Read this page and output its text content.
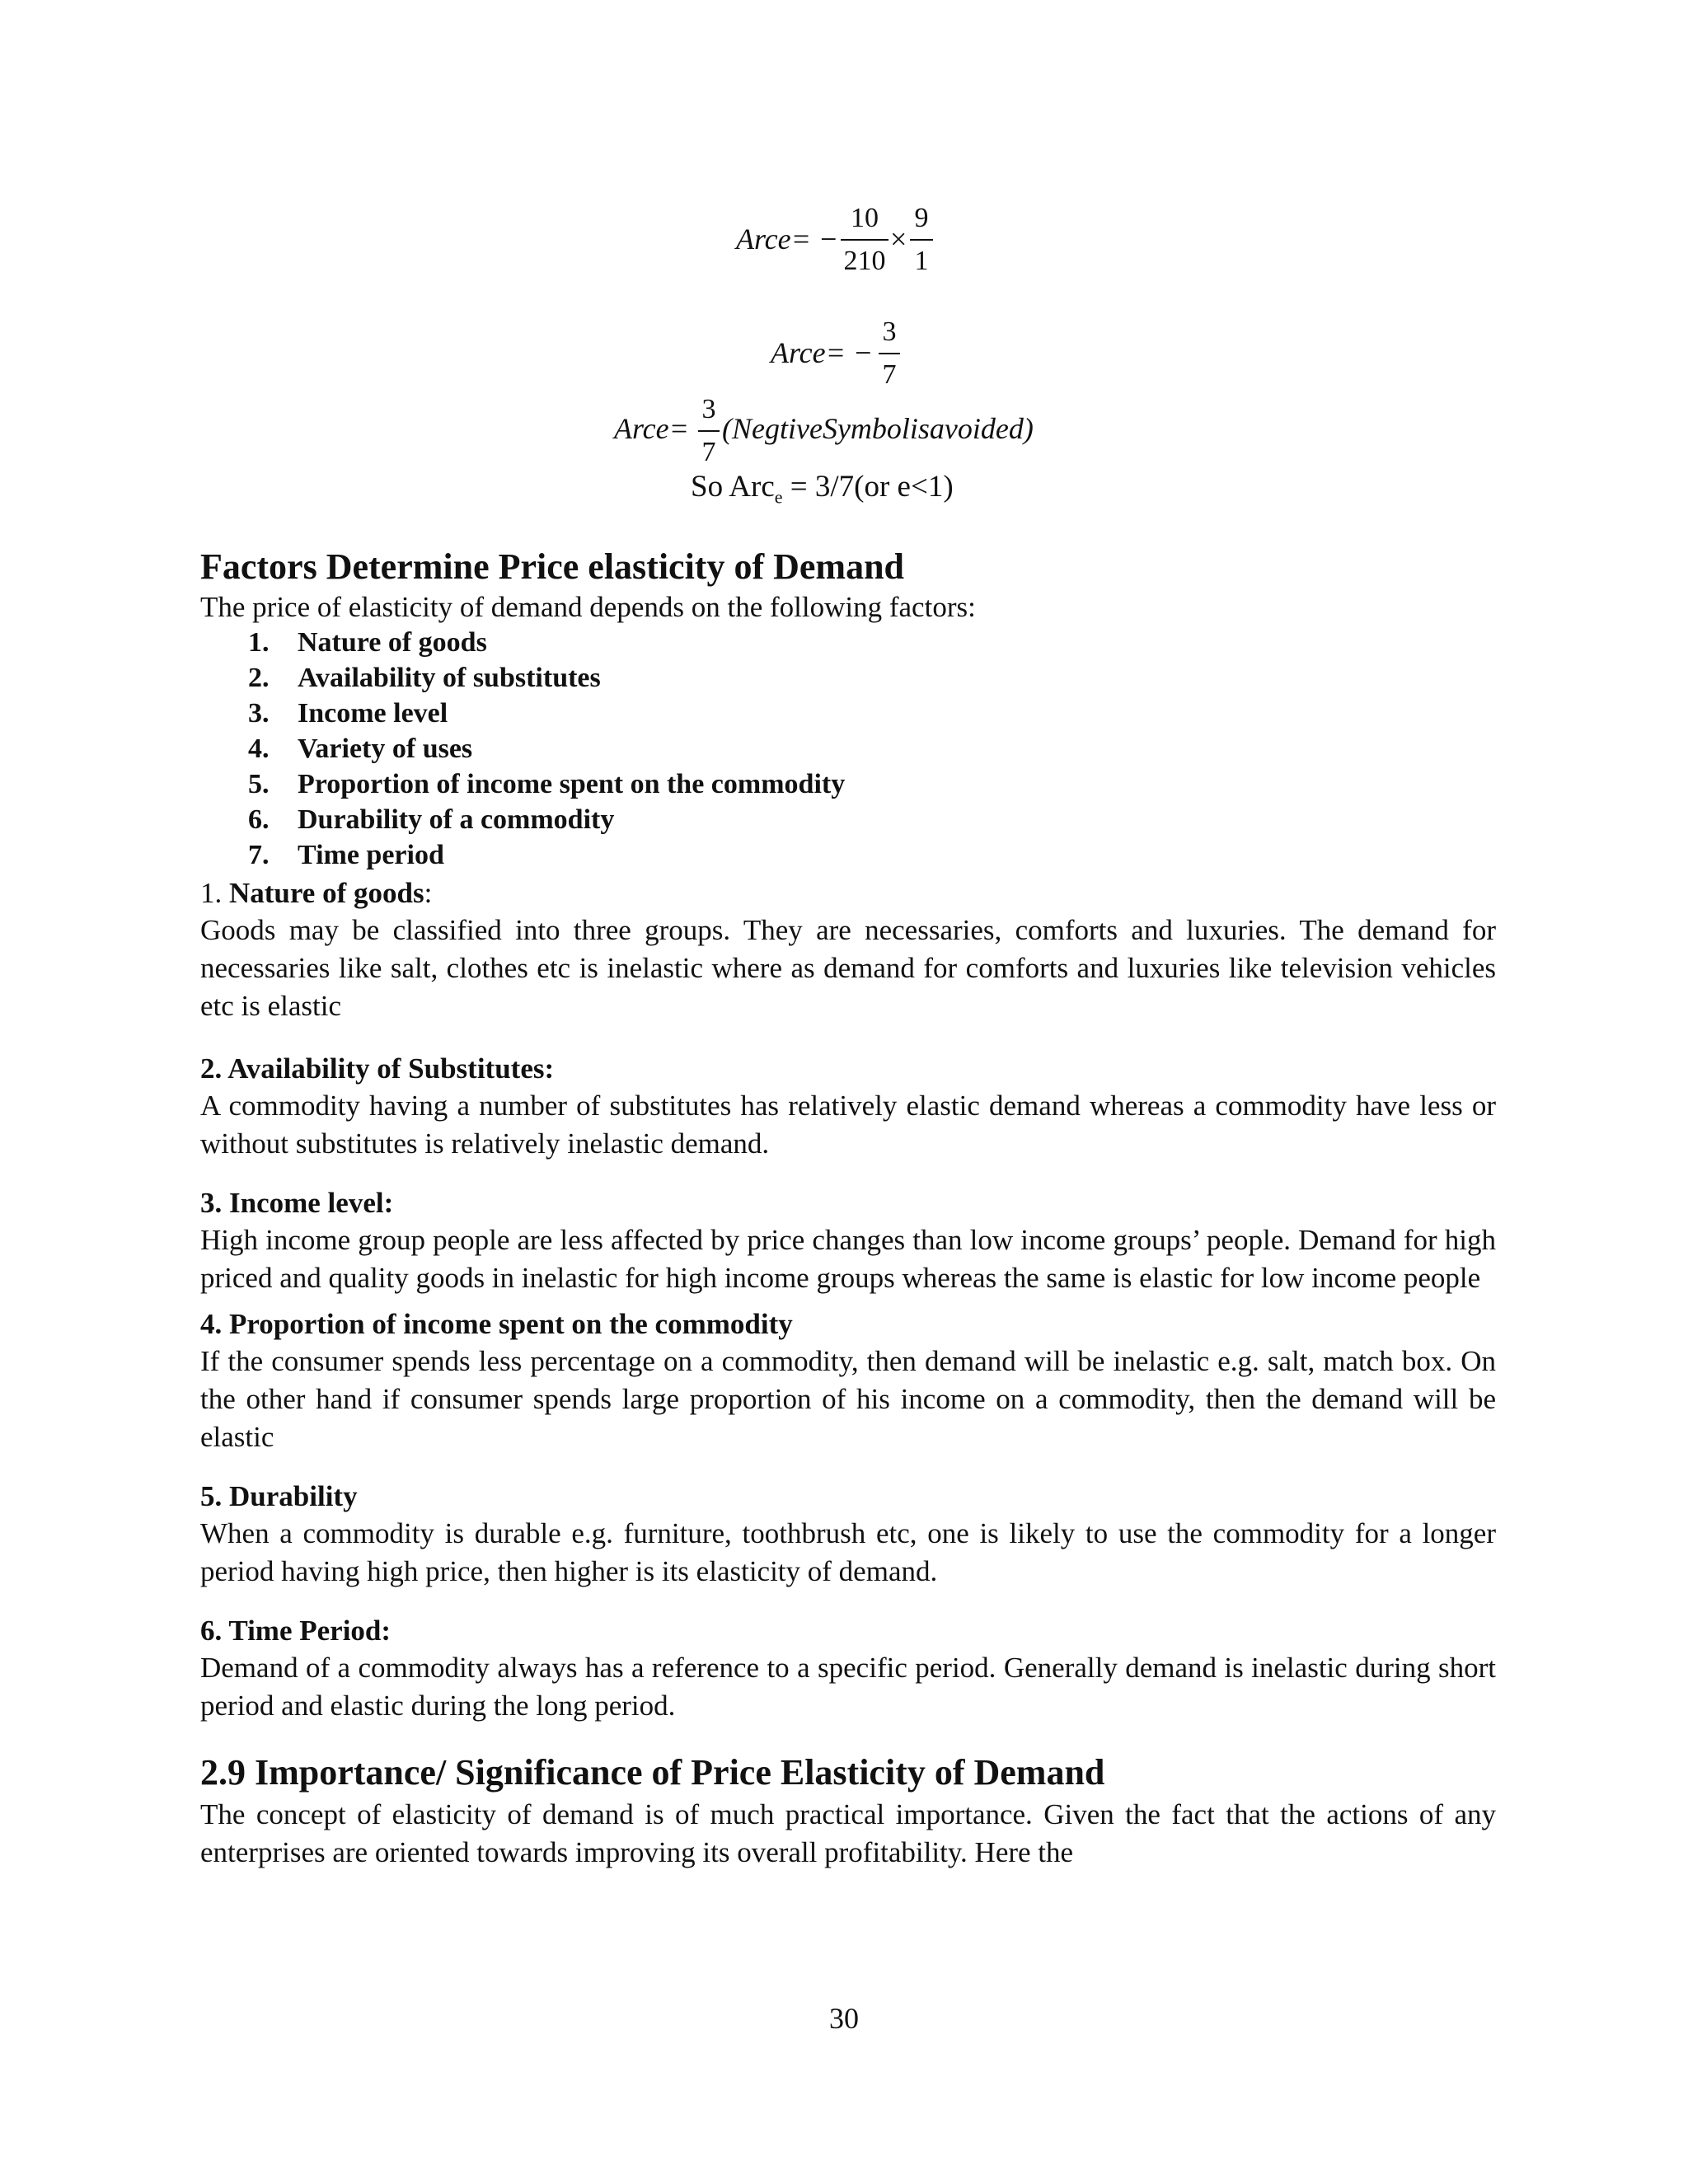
Arce= −
10
210
×
9
1
Arce= −
3
7
Arce=
3
7
(NegtiveSymbolisavoided)
So Arc$_e$ = 3/7(or e<1)
Factors Determine Price elasticity of Demand

The price of elasticity of demand depends on the following factors:

1. Nature of goods
2. Availability of substitutes
3. Income level
4. Variety of uses
5. Proportion of income spent on the commodity
6. Durability of a commodity
7. Time period

1. Nature of goods:

Goods may be classified into three groups. They are necessaries, comforts and luxuries. The demand for necessaries like salt, clothes etc is inelastic where as demand for comforts and luxuries like television vehicles etc is elastic

2. Availability of Substitutes:

A commodity having a number of substitutes has relatively elastic demand whereas a commodity have less or without substitutes is relatively inelastic demand.

3. Income level:

High income group people are less affected by price changes than low income groups’ people. Demand for high priced and quality goods in inelastic for high income groups whereas the same is elastic for low income people

4. Proportion of income spent on the commodity

If the consumer spends less percentage on a commodity, then demand will be inelastic e.g. salt, match box. On the other hand if consumer spends large proportion of his income on a commodity, then the demand will be elastic

5. Durability

When a commodity is durable e.g. furniture, toothbrush etc, one is likely to use the commodity for a longer period having high price, then higher is its elasticity of demand.

6. Time Period:

Demand of a commodity always has a reference to a specific period. Generally demand is inelastic during short period and elastic during the long period.

2.9 Importance/ Significance of Price Elasticity of Demand

The concept of elasticity of demand is of much practical importance. Given the fact that the actions of any enterprises are oriented towards improving its overall profitability. Here the

30
